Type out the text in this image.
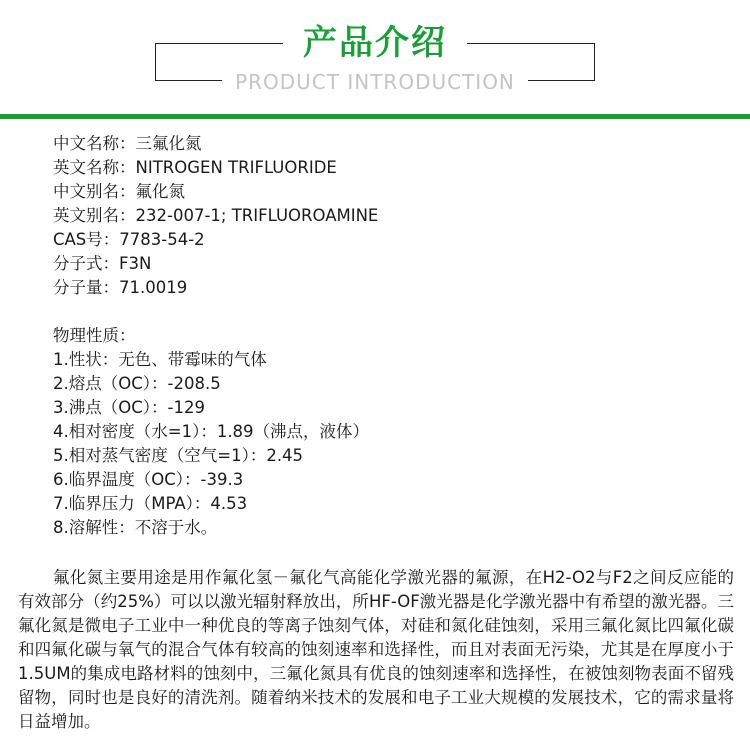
产品介绍
PRODUCT INTRODUCTION
中文名称：三氟化氮
英文名称：NITROGEN TRIFLUORIDE
中文别名：氟化氮
英文别名：232-007-1; TRIFLUOROAMINE
CAS号：7783-54-2
分子式：F3N
分子量：71.0019
物理性质：
1.性状：无色、带霉味的气体
2.熔点（OC）：-208.5
3.沸点（OC）：-129
4.相对密度（水=1）：1.89（沸点，液体）
5.相对蒸气密度（空气=1）：2.45
6.临界温度（OC）：-39.3
7.临界压力（MPA）：4.53
8.溶解性：不溶于水。
氟化氮主要用途是用作氟化氢－氟化气高能化学激光器的氟源，在H2-O2与F2之间反应能的有效部分（约25%）可以以激光辐射释放出，所HF-OF激光器是化学激光器中有希望的激光器。三氟化氮是微电子工业中一种优良的等离子蚀刻气体，对硅和氮化硅蚀刻，采用三氟化氮比四氟化碳和四氟化碳与氧气的混合气体有较高的蚀刻速率和选择性，而且对表面无污染，尤其是在厚度小于1.5UM的集成电路材料的蚀刻中，三氟化氮具有优良的蚀刻速率和选择性，在被蚀刻物表面不留残留物，同时也是良好的清洗剂。随着纳米技术的发展和电子工业大规模的发展技术，它的需求量将日益增加。
